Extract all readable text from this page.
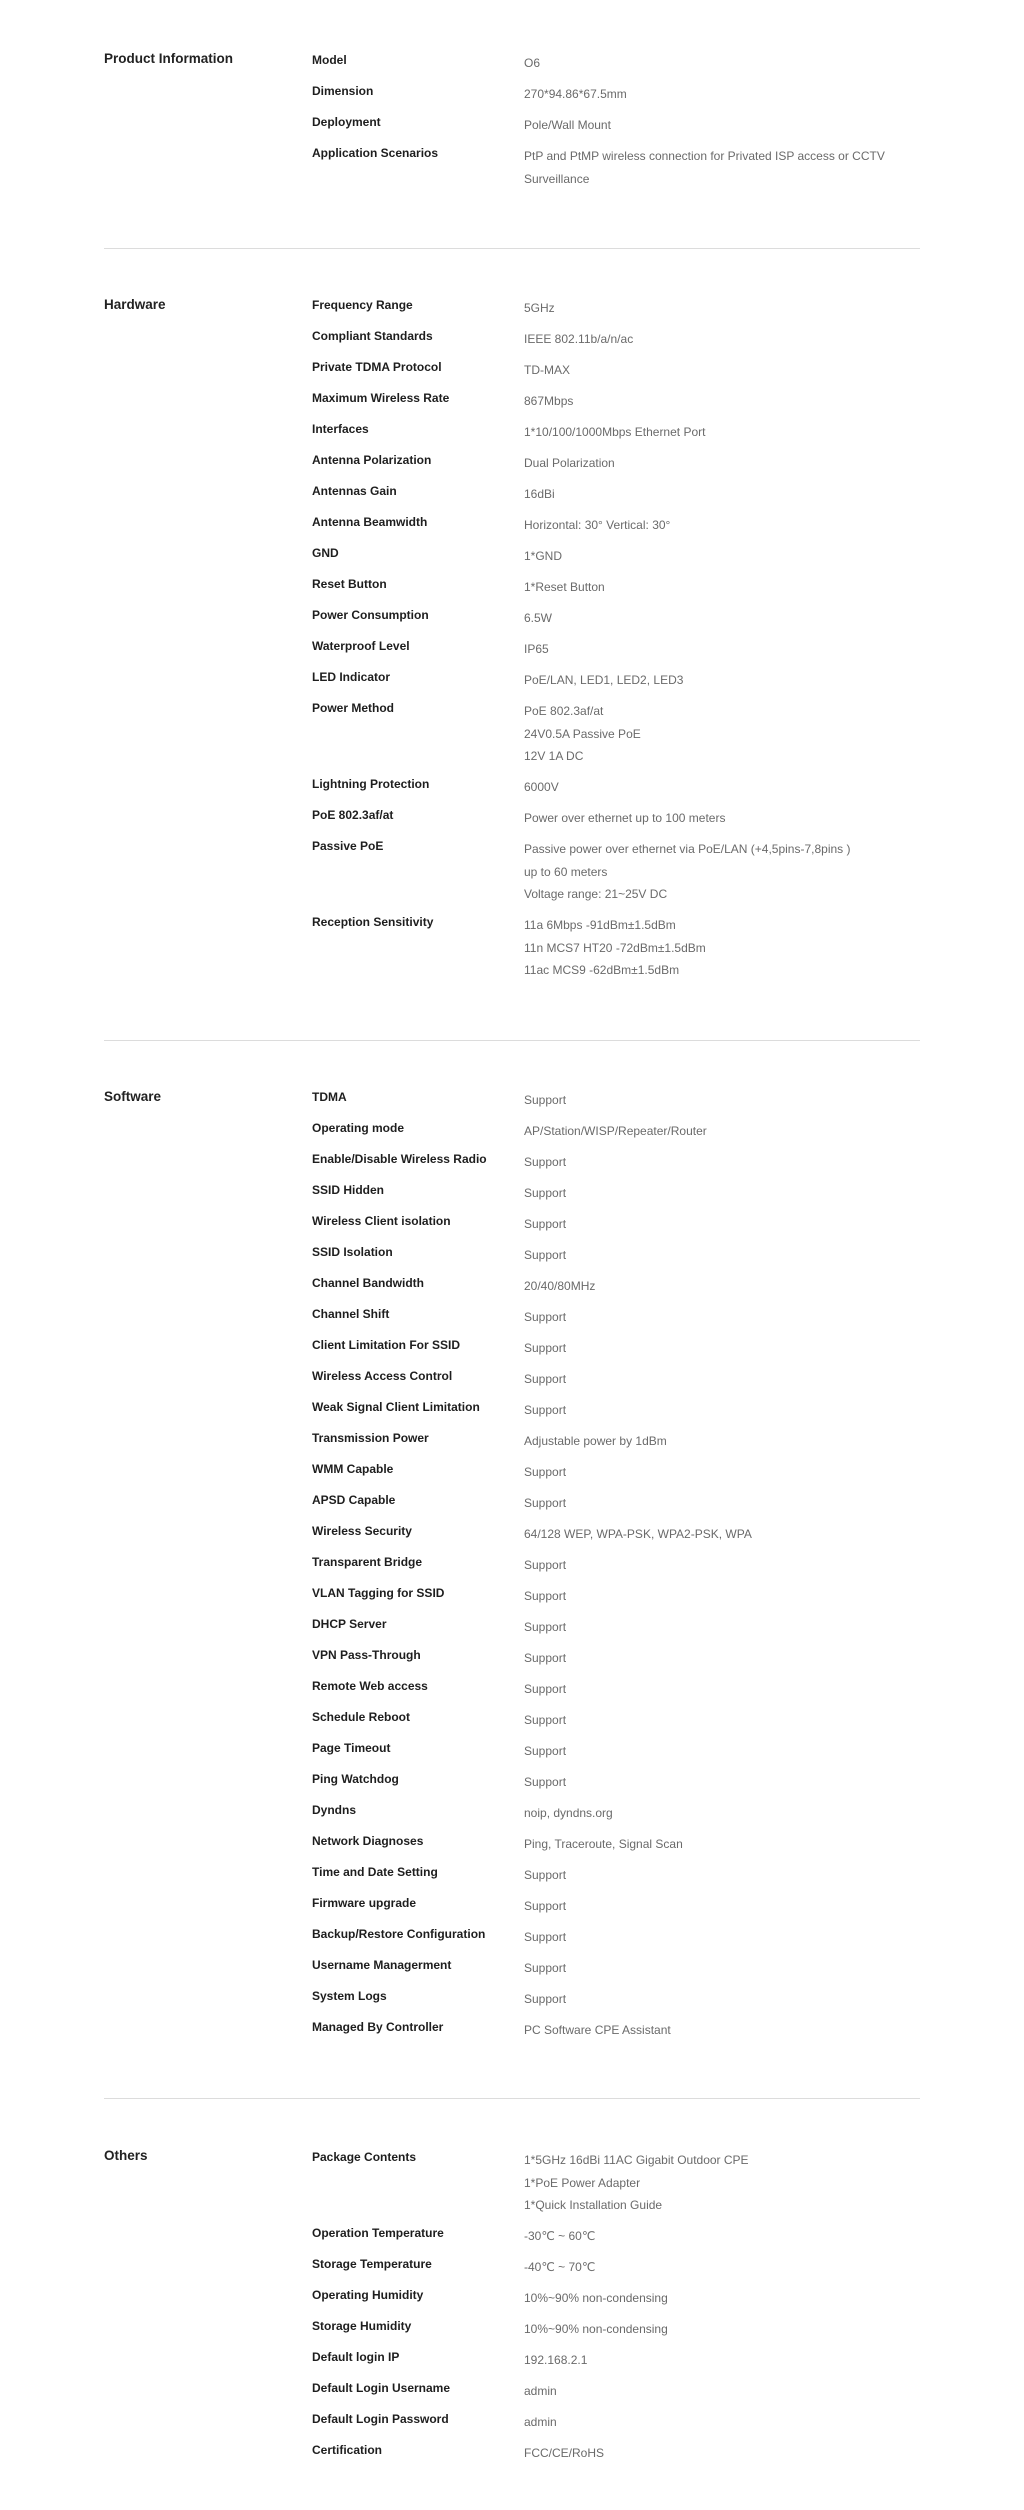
Product Information	Model	O6
Dimension	270*94.86*67.5mm
Deployment	Pole/Wall Mount
Application Scenarios	PtP and PtMP wireless connection for Privated ISP access or CCTV
Surveillance
Hardware	Frequency Range	5GHz
Compliant Standards	IEEE 802.11b/a/n/ac
Private TDMA Protocol	TD-MAX
Maximum Wireless Rate	867Mbps
Interfaces	1*10/100/1000Mbps Ethernet Port
Antenna Polarization	Dual Polarization
Antennas Gain	16dBi
Antenna Beamwidth	Horizontal: 30° Vertical: 30°
GND	1*GND
Reset Button	1*Reset Button
Power Consumption	6.5W
Waterproof Level	IP65
LED Indicator	PoE/LAN, LED1, LED2, LED3
Power Method	PoE 802.3af/at
24V0.5A Passive PoE
12V 1A DC
Lightning Protection	6000V
PoE 802.3af/at	Power over ethernet up to 100 meters
Passive PoE	Passive power over ethernet via PoE/LAN (+4,5pins-7,8pins )
up to 60 meters
Voltage range: 21~25V DC
Reception Sensitivity	11a 6Mbps -91dBm±1.5dBm
11n MCS7 HT20 -72dBm±1.5dBm
11ac MCS9 -62dBm±1.5dBm
Software	TDMA	Support
Operating mode	AP/Station/WISP/Repeater/Router
Enable/Disable Wireless Radio	Support
SSID Hidden	Support
Wireless Client isolation	Support
SSID Isolation	Support
Channel Bandwidth	20/40/80MHz
Channel Shift	Support
Client Limitation For SSID	Support
Wireless Access Control	Support
Weak Signal Client Limitation	Support
Transmission Power	Adjustable power by 1dBm
WMM Capable	Support
APSD Capable	Support
Wireless Security	64/128 WEP, WPA-PSK, WPA2-PSK, WPA
Transparent Bridge	Support
VLAN Tagging for SSID	Support
DHCP Server	Support
VPN Pass-Through	Support
Remote Web access	Support
Schedule Reboot	Support
Page Timeout	Support
Ping Watchdog	Support
Dyndns	noip, dyndns.org
Network Diagnoses	Ping, Traceroute, Signal Scan
Time and Date Setting	Support
Firmware upgrade	Support
Backup/Restore Configuration	Support
Username Managerment	Support
System Logs	Support
Managed By Controller	PC Software CPE Assistant
Others	Package Contents	1*5GHz 16dBi 11AC Gigabit Outdoor CPE
1*PoE Power Adapter
1*Quick Installation Guide
Operation Temperature	-30℃ ~ 60℃
Storage Temperature	-40℃ ~ 70℃
Operating Humidity	10%~90% non-condensing
Storage Humidity	10%~90% non-condensing
Default login IP	192.168.2.1
Default Login Username	admin
Default Login Password	admin
Certification	FCC/CE/RoHS
